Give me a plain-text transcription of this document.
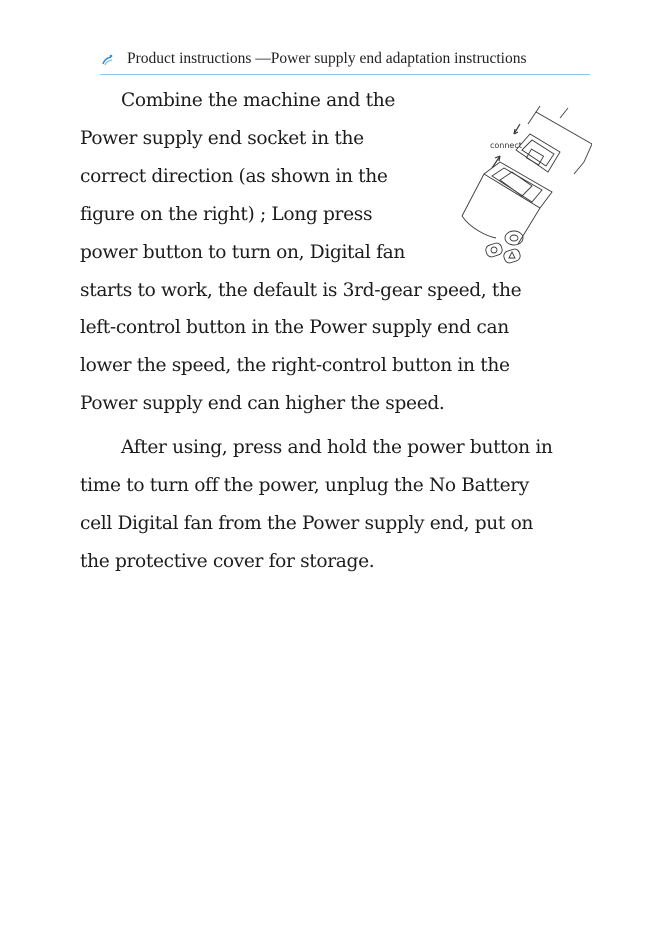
Product instructions —Power supply end adaptation instructions

Combine the machine and the
Power supply end socket in the
correct direction (as shown in the
figure on the right) ; Long press
power button to turn on, Digital fan
starts to work, the default is 3rd-gear speed, the
left-control button in the Power supply end can
lower the speed, the right-control button in the
Power supply end can higher the speed.

After using, press and hold the power button in
time to turn off the power, unplug the No Battery
cell Digital fan from the Power supply end, put on
the protective cover for storage.

connect
